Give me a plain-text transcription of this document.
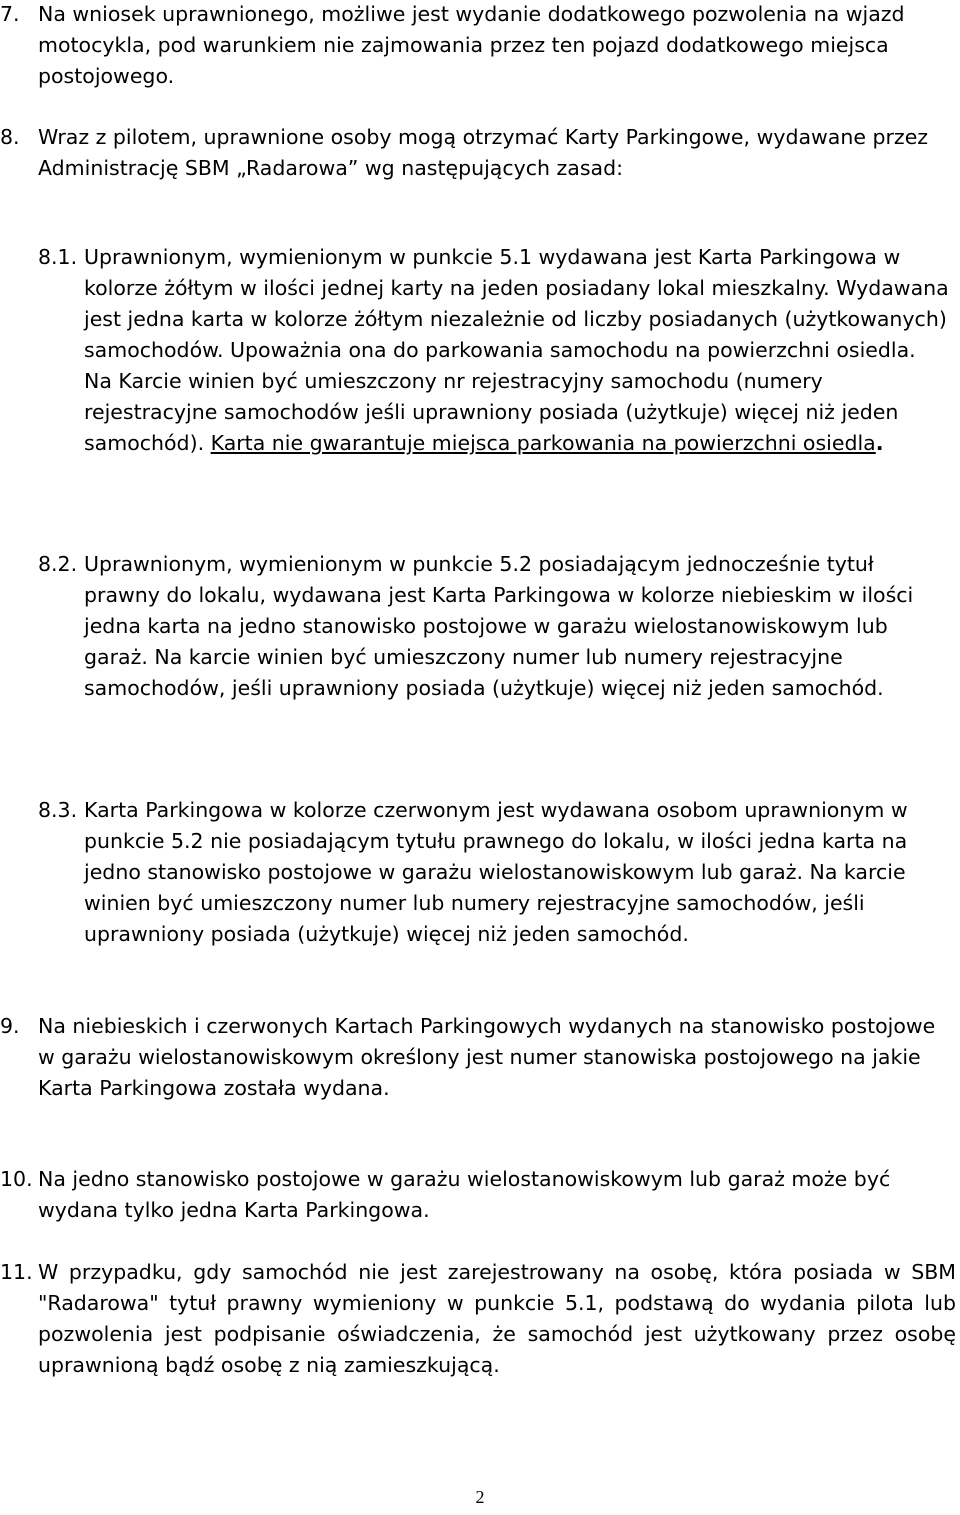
7. Na wniosek uprawnionego, możliwe jest wydanie dodatkowego pozwolenia na wjazd motocykla, pod warunkiem nie zajmowania przez ten pojazd dodatkowego miejsca postojowego.

8. Wraz z pilotem, uprawnione osoby mogą otrzymać Karty Parkingowe, wydawane przez Administrację SBM „Radarowa” wg następujących zasad:

8.1. Uprawnionym, wymienionym w punkcie 5.1 wydawana jest Karta Parkingowa w kolorze żółtym w ilości jednej karty na jeden posiadany lokal mieszkalny. Wydawana jest jedna karta w kolorze żółtym niezależnie od liczby posiadanych (użytkowanych) samochodów. Upoważnia ona do parkowania samochodu na powierzchni osiedla. Na Karcie winien być umieszczony nr rejestracyjny samochodu (numery rejestracyjne samochodów jeśli uprawniony posiada (użytkuje) więcej niż jeden samochód). Karta nie gwarantuje miejsca parkowania na powierzchni osiedla.

8.2. Uprawnionym, wymienionym w punkcie 5.2 posiadającym jednocześnie tytuł prawny do lokalu, wydawana jest Karta Parkingowa w kolorze niebieskim w ilości jedna karta na jedno stanowisko postojowe w garażu wielostanowiskowym lub garaż. Na karcie winien być umieszczony numer lub numery rejestracyjne samochodów, jeśli uprawniony posiada (użytkuje) więcej niż jeden samochód.

8.3. Karta Parkingowa w kolorze czerwonym jest wydawana osobom uprawnionym w punkcie 5.2 nie posiadającym tytułu prawnego do lokalu, w ilości jedna karta na jedno stanowisko postojowe w garażu wielostanowiskowym lub garaż. Na karcie winien być umieszczony numer lub numery rejestracyjne samochodów, jeśli uprawniony posiada (użytkuje) więcej niż jeden samochód.

9. Na niebieskich i czerwonych Kartach Parkingowych wydanych na stanowisko postojowe w garażu wielostanowiskowym określony jest numer stanowiska postojowego na jakie Karta Parkingowa została wydana.

10. Na jedno stanowisko postojowe w garażu wielostanowiskowym lub garaż może być wydana tylko jedna Karta Parkingowa.

11. W przypadku, gdy samochód nie jest zarejestrowany na osobę, która posiada w SBM "Radarowa" tytuł prawny wymieniony w punkcie 5.1, podstawą do wydania pilota lub pozwolenia jest podpisanie oświadczenia, że samochód jest użytkowany przez osobę uprawnioną bądź osobę z nią zamieszkującą.

2
